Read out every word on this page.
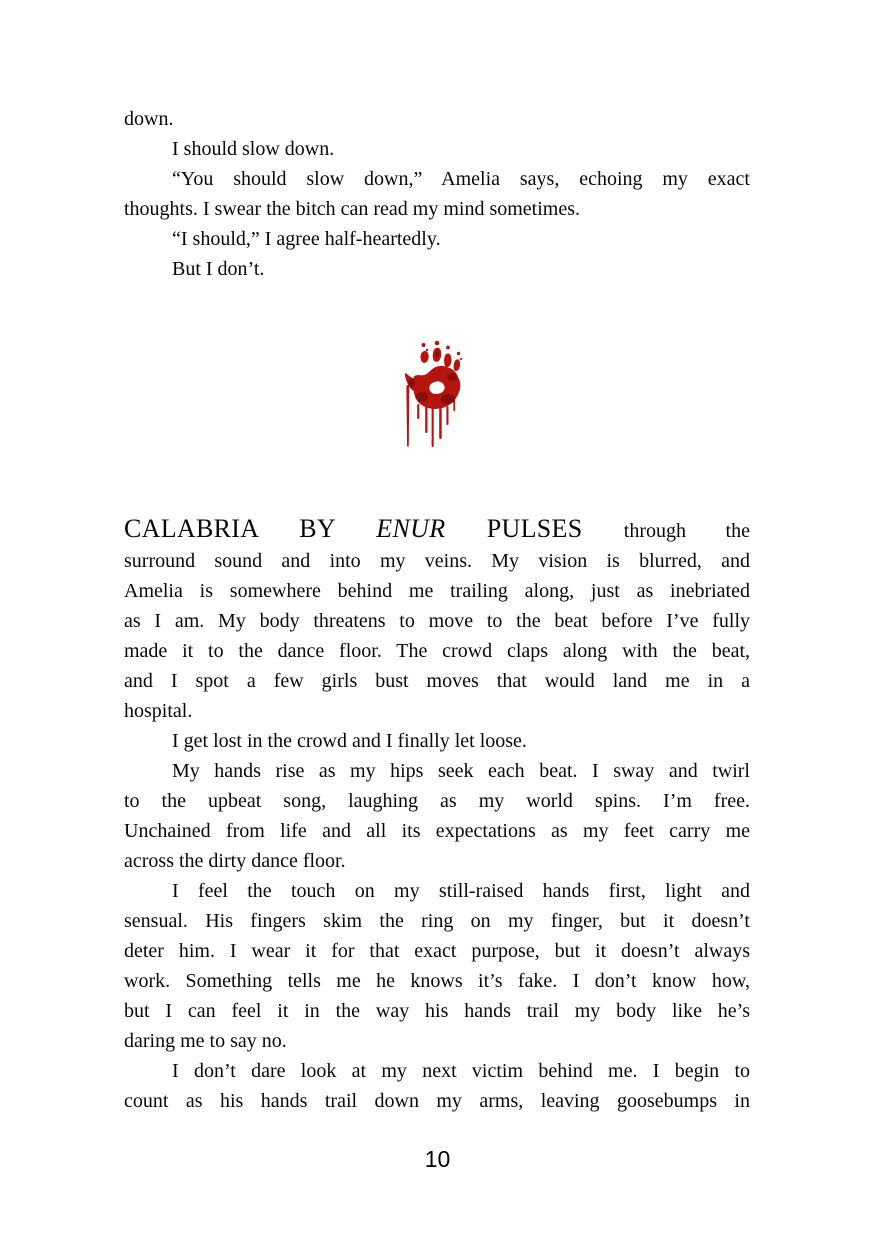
down.
I should slow down.
“You should slow down,” Amelia says, echoing my exact
thoughts. I swear the bitch can read my mind sometimes.
“I should,” I agree half-heartedly.
But I don’t.
CALABRIA BY ENUR PULSES through the
surround sound and into my veins. My vision is blurred, and
Amelia is somewhere behind me trailing along, just as inebriated
as I am. My body threatens to move to the beat before I’ve fully
made it to the dance floor. The crowd claps along with the beat,
and I spot a few girls bust moves that would land me in a
hospital.
I get lost in the crowd and I finally let loose.
My hands rise as my hips seek each beat. I sway and twirl
to the upbeat song, laughing as my world spins. I’m free.
Unchained from life and all its expectations as my feet carry me
across the dirty dance floor.
I feel the touch on my still-raised hands first, light and
sensual. His fingers skim the ring on my finger, but it doesn’t
deter him. I wear it for that exact purpose, but it doesn’t always
work. Something tells me he knows it’s fake. I don’t know how,
but I can feel it in the way his hands trail my body like he’s
daring me to say no.
I don’t dare look at my next victim behind me. I begin to
count as his hands trail down my arms, leaving goosebumps in
10
